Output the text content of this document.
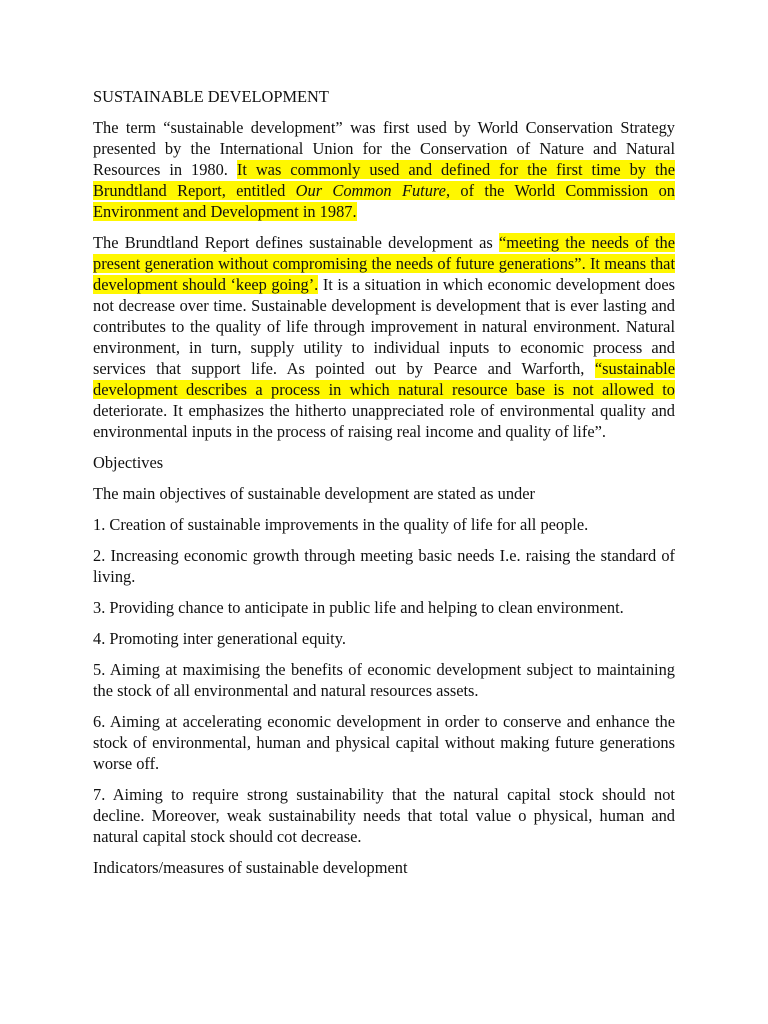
SUSTAINABLE DEVELOPMENT

The term “sustainable development” was first used by World Conservation Strategy presented by the International Union for the Conservation of Nature and Natural Resources in 1980. It was commonly used and defined for the first time by the Brundtland Report, entitled Our Common Future, of the World Commission on Environment and Development in 1987.

The Brundtland Report defines sustainable development as “meeting the needs of the present generation without compromising the needs of future generations”. It means that development should ‘keep going’. It is a situation in which economic development does not decrease over time. Sustainable development is development that is ever lasting and contributes to the quality of life through improvement in natural environment. Natural environment, in turn, supply utility to individual inputs to economic process and services that support life. As pointed out by Pearce and Warforth, “sustainable development describes a process in which natural resource base is not allowed to deteriorate. It emphasizes the hitherto unappreciated role of environmental quality and environmental inputs in the process of raising real income and quality of life”.

Objectives

The main objectives of sustainable development are stated as under

1. Creation of sustainable improvements in the quality of life for all people.

2. Increasing economic growth through meeting basic needs I.e. raising the standard of living.

3. Providing chance to anticipate in public life and helping to clean environment.

4. Promoting inter generational equity.

5. Aiming at maximising the benefits of economic development subject to maintaining the stock of all environmental and natural resources assets.

6. Aiming at accelerating economic development in order to conserve and enhance the stock of environmental, human and physical capital without making future generations worse off.

7. Aiming to require strong sustainability that the natural capital stock should not decline. Moreover, weak sustainability needs that total value o physical, human and natural capital stock should cot decrease.

Indicators/measures of sustainable development
